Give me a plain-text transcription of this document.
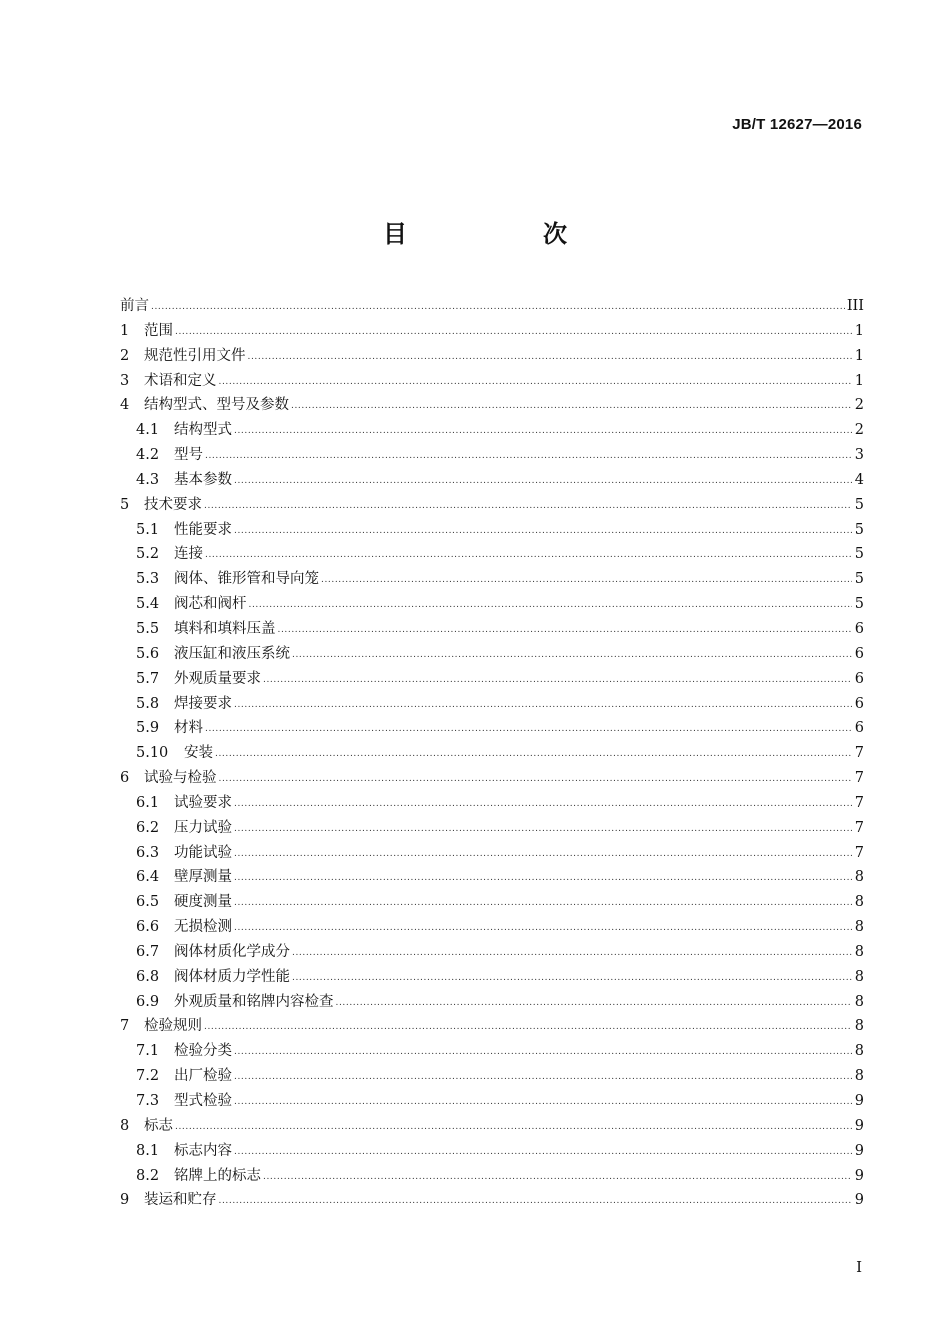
JB/T 12627—2016
目　次
前言 .....	III
1	范围 .....	1
2	规范性引用文件 .....	1
3	术语和定义 .....	1
4	结构型式、型号及参数 .....	2
4.1	结构型式 .....	2
4.2	型号 .....	3
4.3	基本参数 .....	4
5	技术要求 .....	5
5.1	性能要求 .....	5
5.2	连接 .....	5
5.3	阀体、锥形管和导向笼 .....	5
5.4	阀芯和阀杆 .....	5
5.5	填料和填料压盖 .....	6
5.6	液压缸和液压系统 .....	6
5.7	外观质量要求 .....	6
5.8	焊接要求 .....	6
5.9	材料 .....	6
5.10	安装 .....	7
6	试验与检验 .....	7
6.1	试验要求 .....	7
6.2	压力试验 .....	7
6.3	功能试验 .....	7
6.4	壁厚测量 .....	8
6.5	硬度测量 .....	8
6.6	无损检测 .....	8
6.7	阀体材质化学成分 .....	8
6.8	阀体材质力学性能 .....	8
6.9	外观质量和铭牌内容检查 .....	8
7	检验规则 .....	8
7.1	检验分类 .....	8
7.2	出厂检验 .....	8
7.3	型式检验 .....	9
8	标志 .....	9
8.1	标志内容 .....	9
8.2	铭牌上的标志 .....	9
9	装运和贮存 .....	9
I
